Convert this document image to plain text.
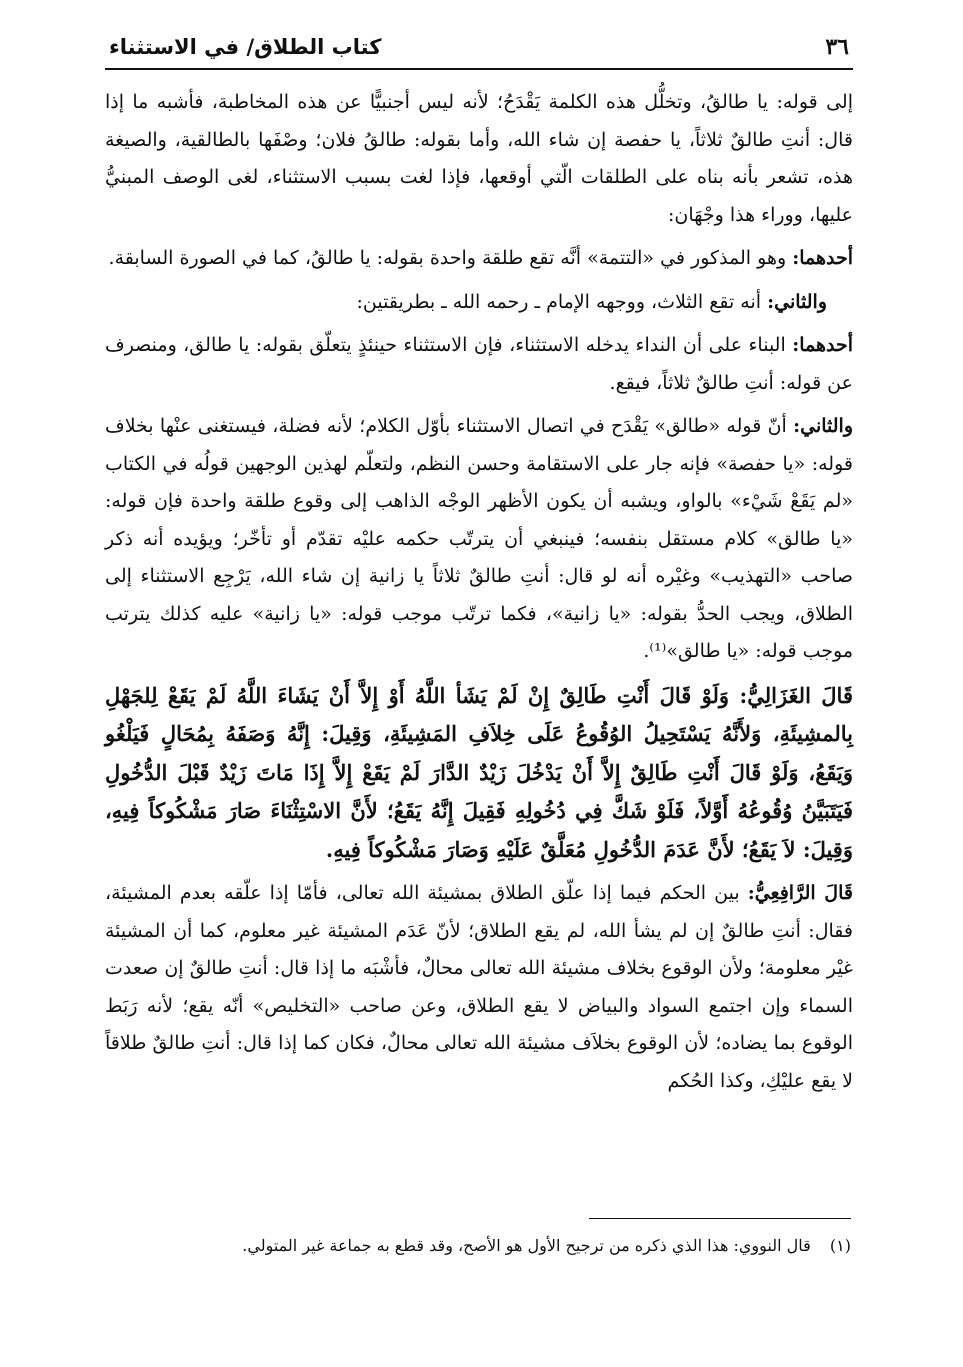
٣٦
كتاب الطلاق/ في الاستثناء

إلى قوله: يا طالقُ، وتخلُّل هذه الكلمة يَقْدَحُ؛ لأنه ليس أجنبيًّا عن هذه المخاطبة، فأشبه ما إذا قال: أنتِ طالقٌ ثلاثاً، يا حفصة إن شاء الله، وأما بقوله: طالقُ فلان؛ وصْفَها بالطالقية، والصيغة هذه، تشعر بأنه بناه على الطلقات الّتي أوقعها، فإذا لغت بسبب الاستثناء، لغى الوصف المبنيُّ عليها، ووراء هذا وجْهَان:

أحدهما: وهو المذكور في «التتمة» أنَّه تقع طلقة واحدة بقوله: يا طالقُ، كما في الصورة السابقة.

والثاني: أنه تقع الثلاث، ووجهه الإمام ـ رحمه الله ـ بطريقتين:

أحدهما: البناء على أن النداء يدخله الاستثناء، فإن الاستثناء حينئذٍ يتعلّق بقوله: يا طالق، ومنصرف عن قوله: أنتِ طالقٌ ثلاثاً، فيقع.

والثاني: أنّ قوله «طالق» يَقْدَح في اتصال الاستثناء بأوّل الكلام؛ لأنه فضلة، فيستغنى عنْها بخلاف قوله: «يا حفصة» فإنه جار على الاستقامة وحسن النظم، ولتعلّم لهذين الوجهين قولُه في الكتاب «لم يَقَعْ شَيْء» بالواو، ويشبه أن يكون الأظهر الوجْه الذاهب إلى وقوع طلقة واحدة فإن قوله: «يا طالق» كلام مستقل بنفسه؛ فينبغي أن يترتّب حكمه عليْه تقدّم أو تأخّر؛ ويؤيده أنه ذكر صاحب «التهذيب» وغيْره أنه لو قال: أنتِ طالقٌ ثلاثاً يا زانية إن شاء الله، يَرْجِع الاستثناء إلى الطلاق، ويجب الحدُّ بقوله: «يا زانية»، فكما ترتّب موجب قوله: «يا زانية» عليه كذلك يترتب موجب قوله: «يا طالق»⁽¹⁾.

قَالَ الغَزَالِيُّ: وَلَوْ قَالَ أَنْتِ طَالِقٌ إِنْ لَمْ يَشَأ اللَّهُ أَوْ إِلاَّ أَنْ يَشَاءَ اللَّهُ لَمْ يَقَعْ لِلجَهْلِ بِالمشِيئَةِ، وَلأَنَّهُ يَسْتَحِيلُ الوُقُوعُ عَلَى خِلاَفِ المَشِيئَةِ، وَقِيلَ: إِنَّهُ وَصَفَهُ بِمُحَالٍ فَيَلْغُو وَيَقَعُ، وَلَوْ قَالَ أَنْتِ طَالِقٌ إِلاَّ أَنْ يَدْخُلَ زَيْدٌ الدَّارَ لَمْ يَقَعْ إِلاَّ إِذَا مَاتَ زَيْدٌ قَبْلَ الدُّخُولِ فَيَتَبَيَّنُ وُقُوعُهُ أَوَّلاً، فَلَوْ شَكَّ فِي دُخُولِهِ فَقِيلَ إِنَّهُ يَقَعُ؛ لأَنَّ الاسْتِثْنَاءَ صَارَ مَشْكُوكاً فِيهِ، وَقِيلَ: لاَ يَقَعُ؛ لأَنَّ عَدَمَ الدُّخُولِ مُعَلَّقٌ عَلَيْهِ وَصَارَ مَشْكُوكاً فِيهِ.

قَالَ الرَّافِعِيُّ: بين الحكم فيما إذا علّق الطلاق بمشيئة الله تعالى، فأمّا إذا علّقه بعدم المشيئة، فقال: أنتِ طالقٌ إن لم يشأ الله، لم يقع الطلاق؛ لأنّ عَدَم المشيئة غير معلوم، كما أن المشيئة غيْر معلومة؛ ولأن الوقوع بخلاف مشيئة الله تعالى محالٌ، فأشْبَه ما إذا قال: أنتِ طالقٌ إن صعدت السماء وإن اجتمع السواد والبياض لا يقع الطلاق، وعن صاحب «التخليص» أنّه يقع؛ لأنه رَبَط الوقوع بما يضاده؛ لأن الوقوع بخلاَف مشيئة الله تعالى محالٌ، فكان كما إذا قال: أنتِ طالقٌ طلاقاً لا يقع عليْكِ، وكذا الحُكم

(١) قال النووي: هذا الذي ذكره من ترجيح الأول هو الأصح، وقد قطع به جماعة غير المتولي.
